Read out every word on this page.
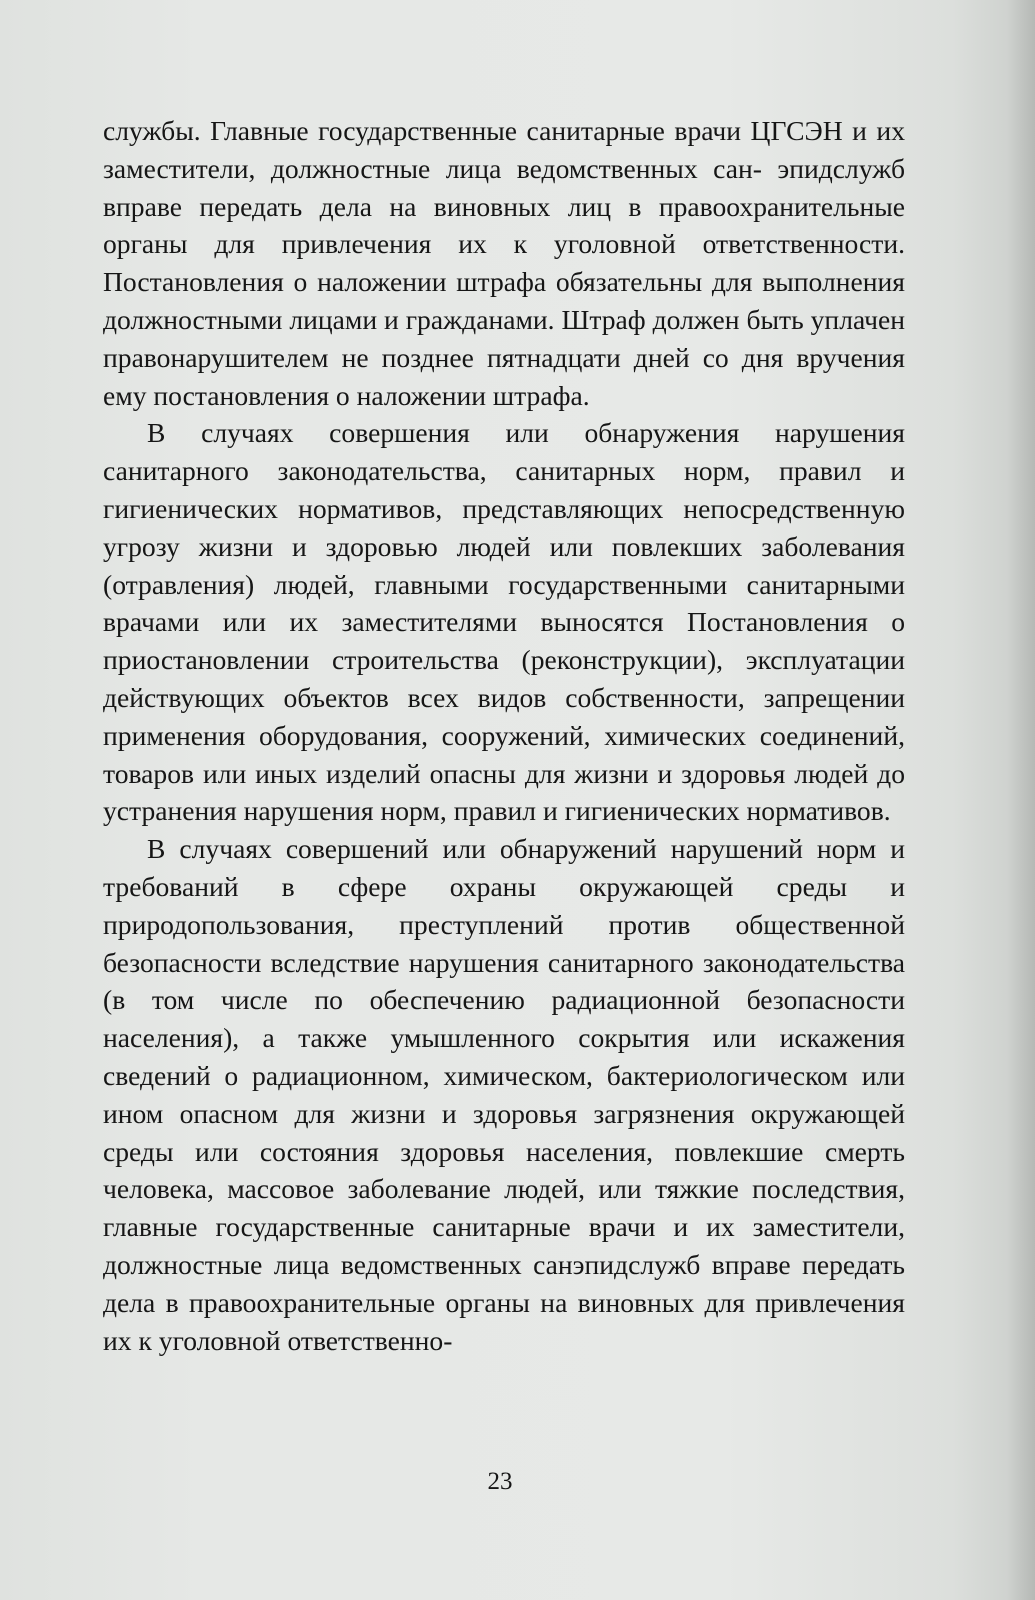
службы. Главные государственные санитарные врачи ЦГСЭН и их заместители, должностные лица ведомственных сан- эпидслужб вправе передать дела на виновных лиц в правоохранительные органы для привлечения их к уголовной ответственности. Постановления о наложении штрафа обязательны для выполнения должностными лицами и гражданами. Штраф должен быть уплачен правонарушителем не позднее пятнадцати дней со дня вручения ему постановления о наложении штрафа.

В случаях совершения или обнаружения нарушения санитарного законодательства, санитарных норм, правил и гигиенических нормативов, представляющих непосредственную угрозу жизни и здоровью людей или повлекших заболевания (отравления) людей, главными государственными санитарными врачами или их заместителями выносятся Постановления о приостановлении строительства (реконструкции), эксплуатации действующих объектов всех видов собственности, запрещении применения оборудования, сооружений, химических соединений, товаров или иных изделий опасны для жизни и здоровья людей до устранения нарушения норм, правил и гигиенических нормативов.

В случаях совершений или обнаружений нарушений норм и требований в сфере охраны окружающей среды и природопользования, преступлений против общественной безопасности вследствие нарушения санитарного законодательства (в том числе по обеспечению радиационной безопасности населения), а также умышленного сокрытия или искажения сведений о радиационном, химическом, бактериологическом или ином опасном для жизни и здоровья загрязнения окружающей среды или состояния здоровья населения, повлекшие смерть человека, массовое заболевание людей, или тяжкие последствия, главные государственные санитарные врачи и их заместители, должностные лица ведомственных санэпидслужб вправе передать дела в правоохранительные органы на виновных для привлечения их к уголовной ответственно-

23
